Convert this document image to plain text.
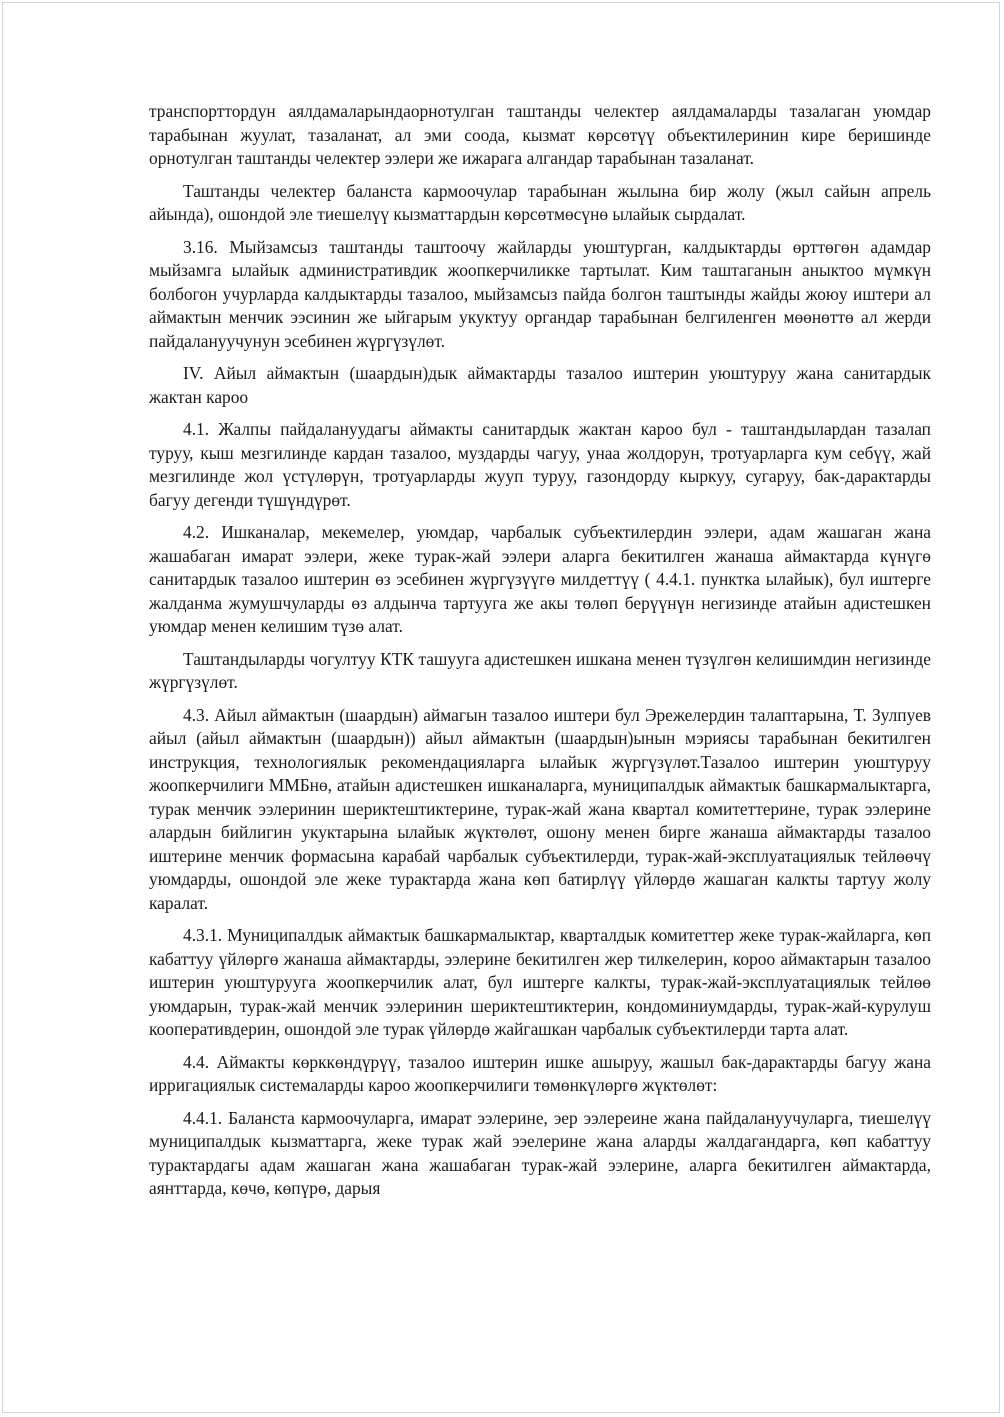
транспорттордун аялдамаларындаорнотулган таштанды челектер аялдамаларды тазалаган уюмдар тарабынан жуулат, тазаланат, ал эми соода, кызмат көрсөтүү объектилеринин кире беришинде орнотулган таштанды челектер ээлери же ижарага алгандар тарабынан тазаланат.

Таштанды челектер баланста кармоочулар тарабынан жылына бир жолу (жыл сайын апрель айында), ошондой эле тиешелүү кызматтардын көрсөтмөсүнө ылайык сырдалат.

3.16. Мыйзамсыз таштанды таштоочу жайларды уюштурган, калдыктарды өрттөгөн адамдар мыйзамга ылайык административдик жоопкерчиликке тартылат. Ким таштаганын аныктоо мүмкүн болбогон учурларда калдыктарды тазалоо, мыйзамсыз пайда болгон таштынды жайды жоюу иштери ал аймактын менчик ээсинин же ыйгарым укуктуу органдар тарабынан белгиленген мөөнөттө ал жерди пайдалануучунун эсебинен жүргүзүлөт.

IV. Айыл аймактын (шаардын)дык аймактарды тазалоо иштерин уюштуруу жана санитардык жактан кароо

4.1. Жалпы пайдалануудагы аймакты санитардык жактан кароо бул - таштандылардан тазалап туруу, кыш мезгилинде кардан тазалоо, муздарды чагуу, унаа жолдорун, тротуарларга кум себүү, жай мезгилинде жол үстүлөрүн, тротуарларды жууп туруу, газондорду кыркуу, сугаруу, бак-дарактарды багуу дегенди түшүндүрөт.

4.2. Ишканалар, мекемелер, уюмдар, чарбалык субъектилердин ээлери, адам жашаган жана жашабаган имарат ээлери, жеке турак-жай ээлери аларга бекитилген жанаша аймактарда күнүгө санитардык тазалоо иштерин өз эсебинен жүргүзүүгө милдеттүү ( 4.4.1. пунктка ылайык), бул иштерге жалданма жумушчуларды өз алдынча тартууга же акы төлөп берүүнүн негизинде атайын адистешкен уюмдар менен келишим түзө алат.

Таштандыларды чогултуу КТК ташууга адистешкен ишкана менен түзүлгөн келишимдин негизинде жүргүзүлөт.

4.3. Айыл аймактын (шаардын) аймагын тазалоо иштери бул Эрежелердин талаптарына, Т. Зулпуев айыл (айыл аймактын (шаардын)) айыл аймактын (шаардын)ынын мэриясы тарабынан бекитилген инструкция, технологиялык рекомендацияларга ылайык жүргүзүлөт.Тазалоо иштерин уюштуруу жоопкерчилиги ММБнө, атайын адистешкен ишканаларга, муниципалдык аймактык башкармалыктарга, турак менчик ээлеринин шериктештиктерине, турак-жай жана квартал комитеттерине, турак ээлерине алардын бийлигин укуктарына ылайык жүктөлөт, ошону менен бирге жанаша аймактарды тазалоо иштерине менчик формасына карабай чарбалык субъектилерди, турак-жай-эксплуатациялык тейлөөчү уюмдарды, ошондой эле жеке турактарда жана көп батирлүү үйлөрдө жашаган калкты тартуу жолу каралат.

4.3.1. Муниципалдык аймактык башкармалыктар, кварталдык комитеттер жеке турак-жайларга, көп кабаттуу үйлөргө жанаша аймактарды, ээлерине бекитилген жер тилкелерин, короо аймактарын тазалоо иштерин уюштурууга жоопкерчилик алат, бул иштерге калкты, турак-жай-эксплуатациялык тейлөө уюмдарын, турак-жай менчик ээлеринин шериктештиктерин, кондоминиумдарды, турак-жай-курулуш кооперативдерин, ошондой эле турак үйлөрдө жайгашкан чарбалык субъектилерди тарта алат.

4.4. Аймакты көрккөндүрүү, тазалоо иштерин ишке ашыруу, жашыл бак-дарактарды багуу жана ирригациялык системаларды кароо жоопкерчилиги төмөнкүлөргө жүктөлөт:

4.4.1. Баланста кармоочуларга, имарат ээлерине, эер ээлереине жана пайдалануучуларга, тиешелүү муниципалдык кызматтарга, жеке турак жай ээелерине жана аларды жалдагандарга, көп кабаттуу турактардагы адам жашаган жана жашабаган турак-жай ээлерине, аларга бекитилген аймактарда, аянттарда, көчө, көпүрө, дарыя
